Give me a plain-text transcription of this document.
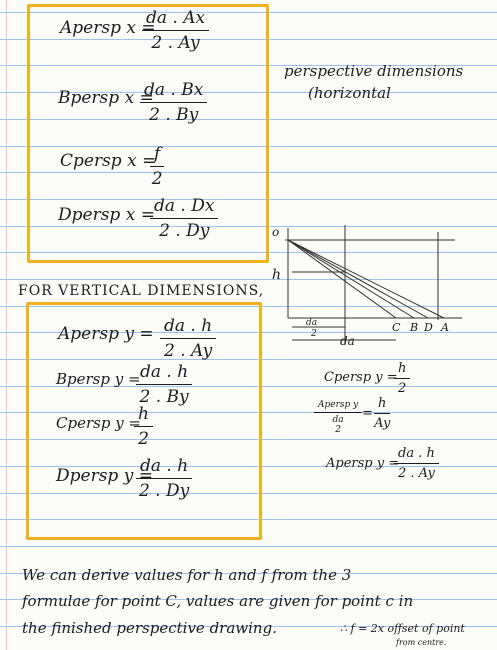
Apersp x =
$\frac{da . Ax}{2 . Ay}$
Bpersp x =
$\frac{da . Bx}{2 . By}$
Cpersp x =
$\frac{f}{2}$
Dpersp x =
$\frac{da . Dx}{2 . Dy}$
perspective dimensions
(horizontal
FOR VERTICAL DIMENSIONS,
Apersp $y = \frac{da . h}{2 . Ay}$
Bpersp y =
$\frac{da . h}{2 . By}$
Cpersp y =
$\frac{h}{2}$
Dpersp y =
$\frac{da . h}{2 . Dy}$
o
h
da
2 da
C B D A
Cpersp y =
$\frac{h}{2}$
Apersp y
da
2
= $\frac{h}{Ay}$
Apersp y =
$\frac{da . h}{2 . Ay}$
We can derive values for h and f from the 3
formulae for point C, values are given for point c in
the finished perspective drawing.	∴ f = 2x offset of point
from centre.
